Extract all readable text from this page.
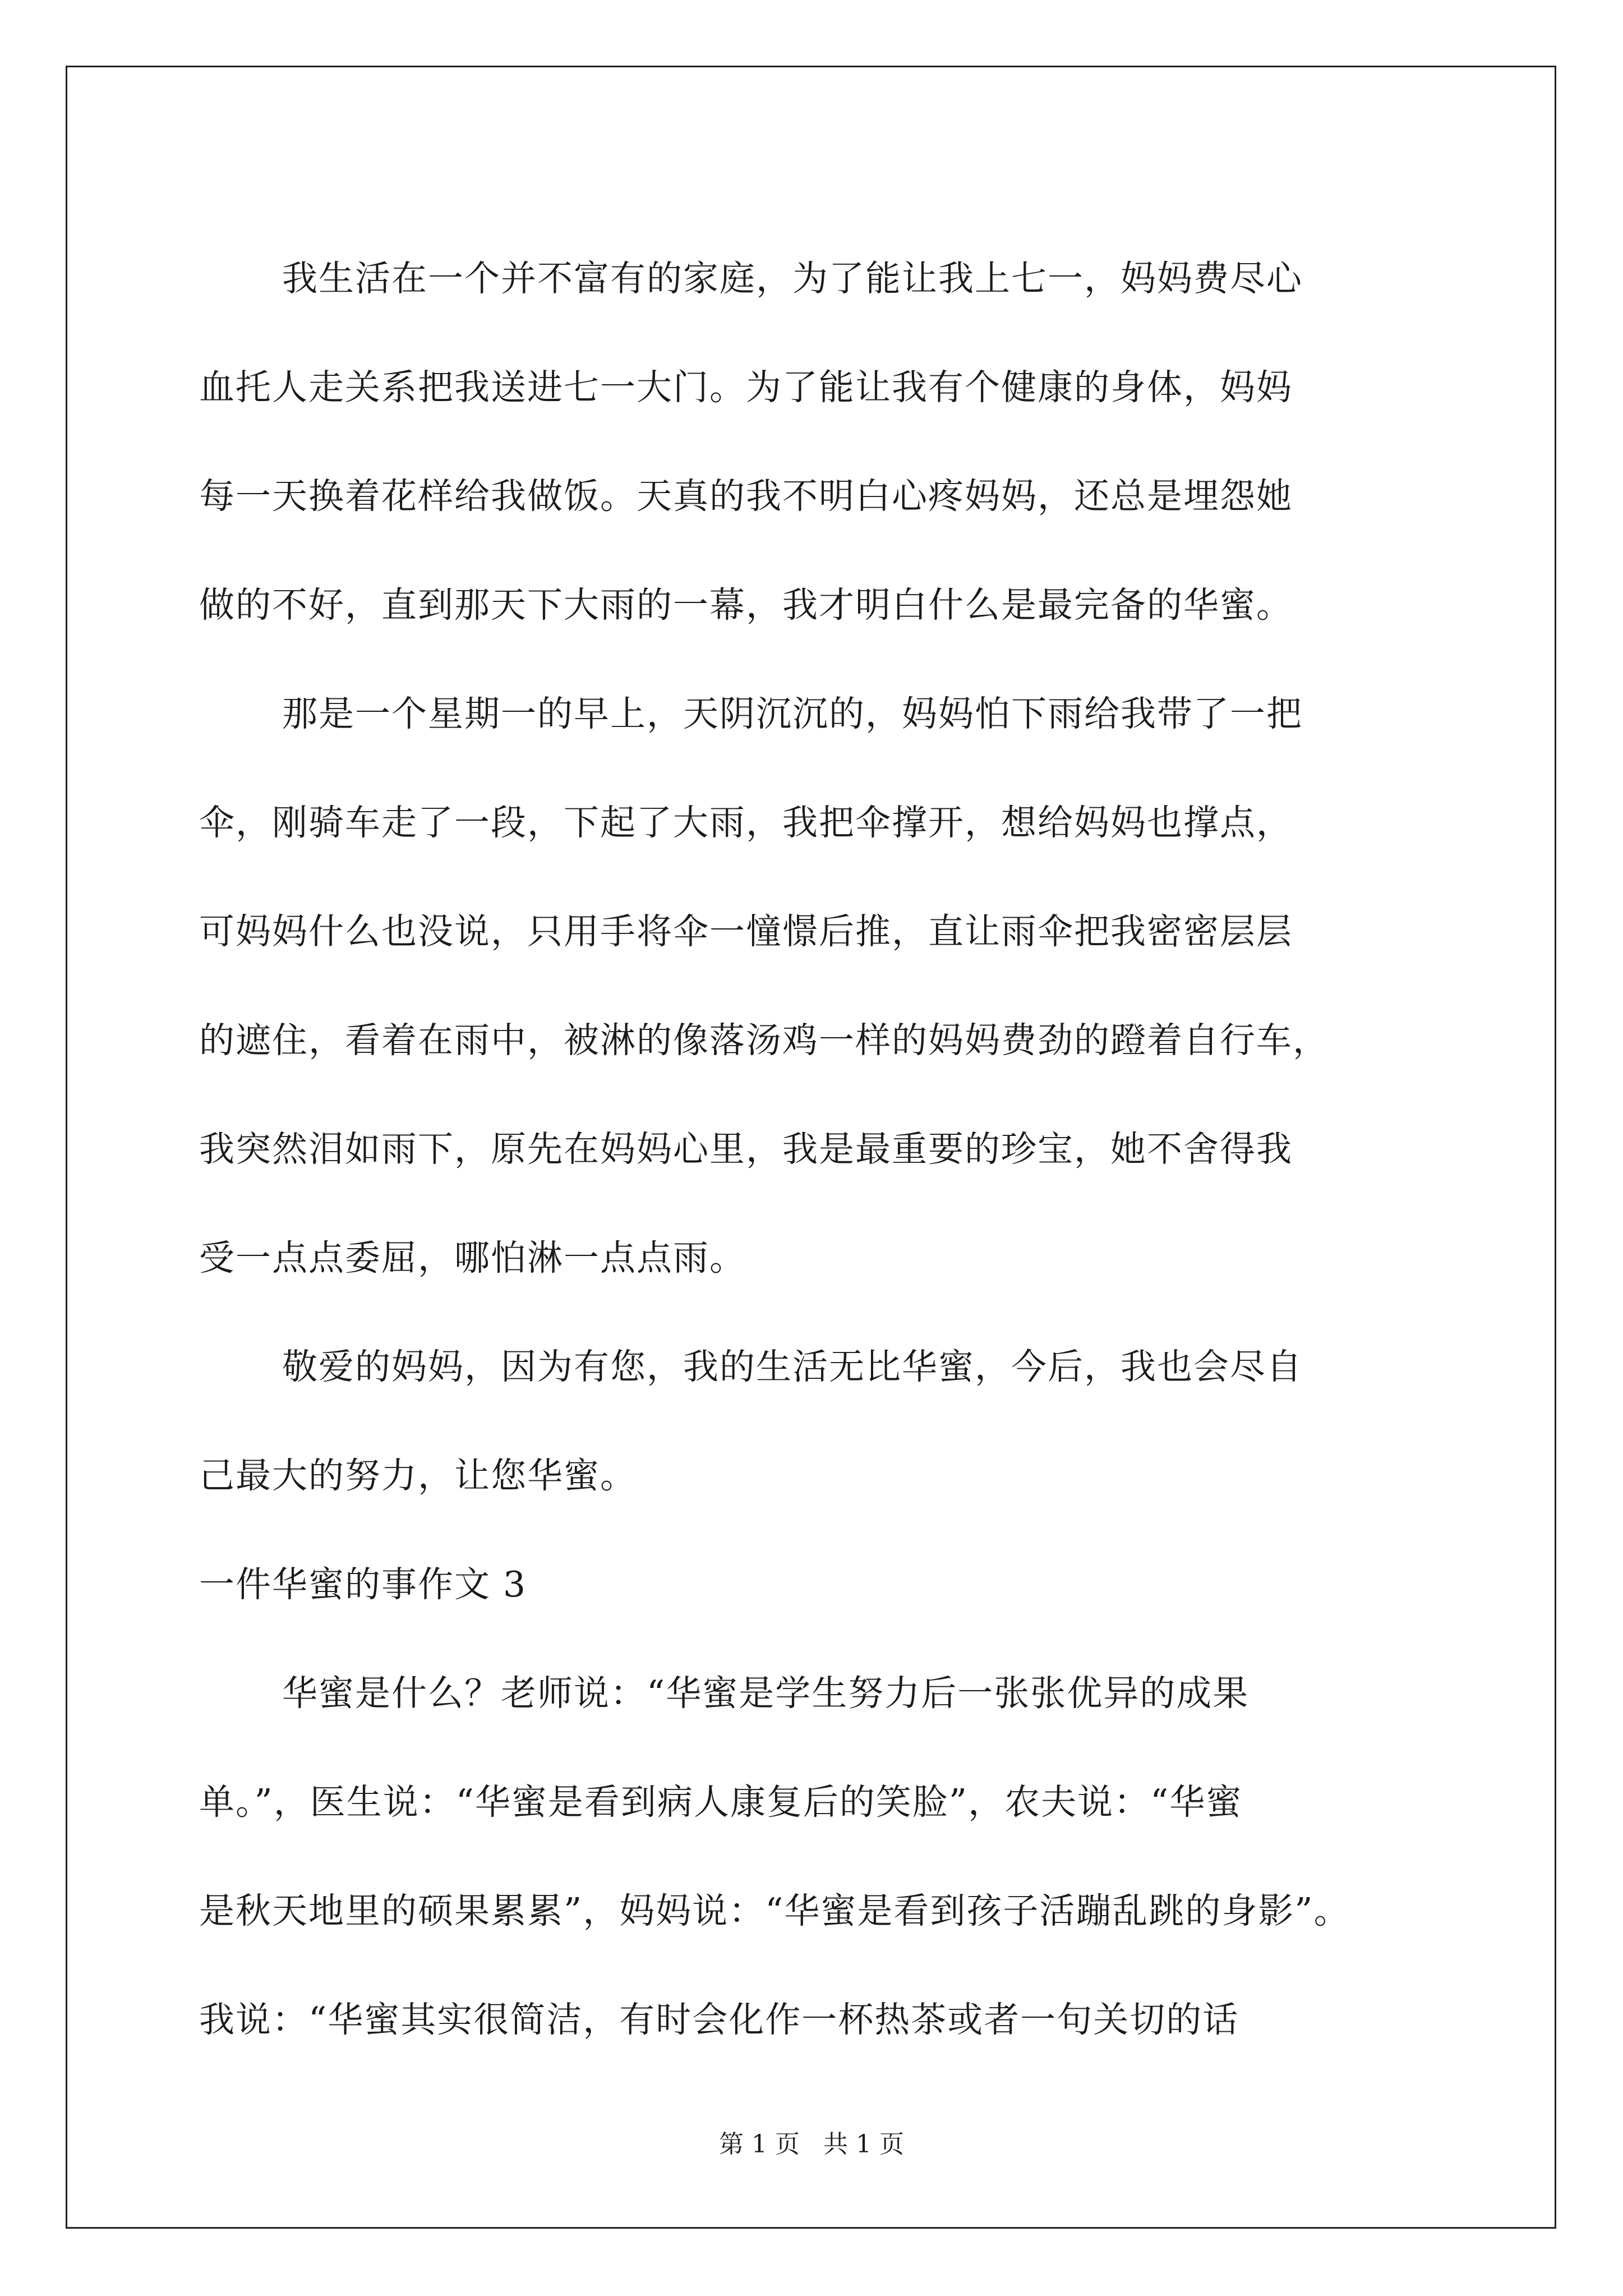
我生活在一个并不富有的家庭，为了能让我上七一，妈妈费尽心
血托人走关系把我送进七一大门。为了能让我有个健康的身体，妈妈
每一天换着花样给我做饭。天真的我不明白心疼妈妈，还总是埋怨她
做的不好，直到那天下大雨的一幕，我才明白什么是最完备的华蜜。
那是一个星期一的早上，天阴沉沉的，妈妈怕下雨给我带了一把
伞，刚骑车走了一段，下起了大雨，我把伞撑开，想给妈妈也撑点，
可妈妈什么也没说，只用手将伞一憧憬后推，直让雨伞把我密密层层
的遮住，看着在雨中，被淋的像落汤鸡一样的妈妈费劲的蹬着自行车，
我突然泪如雨下，原先在妈妈心里，我是最重要的珍宝，她不舍得我
受一点点委屈，哪怕淋一点点雨。
敬爱的妈妈，因为有您，我的生活无比华蜜，今后，我也会尽自
己最大的努力，让您华蜜。
一件华蜜的事作文 3
华蜜是什么？老师说：“华蜜是学生努力后一张张优异的成果
单。”，医生说：“华蜜是看到病人康复后的笑脸”，农夫说：“华蜜
是秋天地里的硕果累累”，妈妈说：“华蜜是看到孩子活蹦乱跳的身影”。
我说：“华蜜其实很简洁，有时会化作一杯热茶或者一句关切的话
第 1 页   共 1 页
